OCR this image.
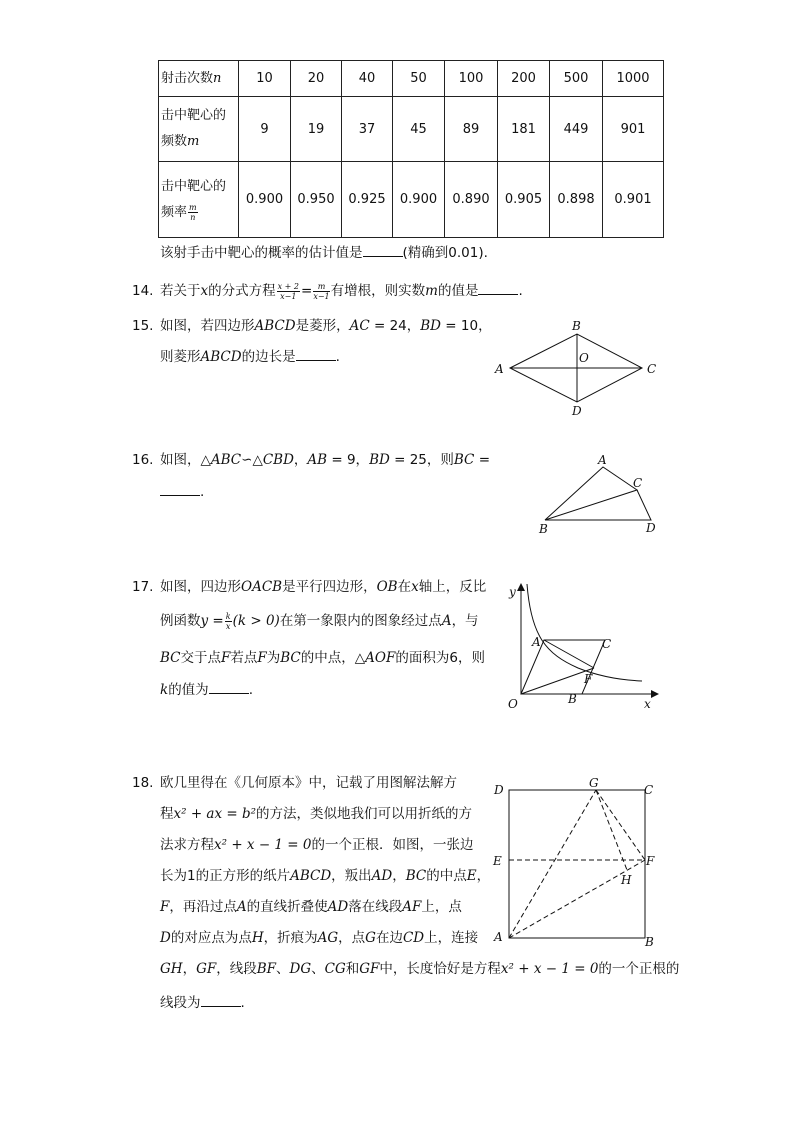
射击次数n	10	20	40	50	100	200	500	1000
击中靶心的
频数m	9	19	37	45	89	181	449	901
击中靶心的
频率 $\frac{m}{n}$	0.900	0.950	0.925	0.900	0.890	0.905	0.898	0.901
该射手击中靶心的概率的估计值是	(精确到0.01).
14. 若关于x的分式方程 $\frac{x + 2}{x-1} = \frac{m}{x-1}$ 有增根，则实数m的值是	.
15. 如图，若四边形ABCD是菱形，AC = 24，BD = 10，
则菱形ABCD的边长是	.
A
B
C
D
O
16. 如图，△ABC∽△CBD，AB = 9，BD = 25，则BC =
.
A
B
C
D
17. 如图，四边形OACB是平行四边形，OB在x轴上，反比
例函数$y = \frac{k}{x} (k > 0)$在第一象限内的图象经过点A，与
BC交于点F若点F为BC的中点，△AOF的面积为6，则
k的值为	.
y
x
O
A	C
F
B
18. 欧几里得在《几何原本》中，记载了用图解法解方
程x² + ax = b²的方法，类似地我们可以用折纸的方
法求方程x² + x − 1 = 0的一个正根．如图，一张边
长为1的正方形的纸片ABCD，叛出AD，BC的中点E，
F，再沿过点A的直线折叠使AD落在线段AF上，点
D的对应点为点H，折痕为AG，点G在边CD上，连接
GH，GF，线段BF、DG、CG和GF中，长度恰好是方程x² + x − 1 = 0的一个正根的
线段为	.
D	C
G
E	F
H
A	B
